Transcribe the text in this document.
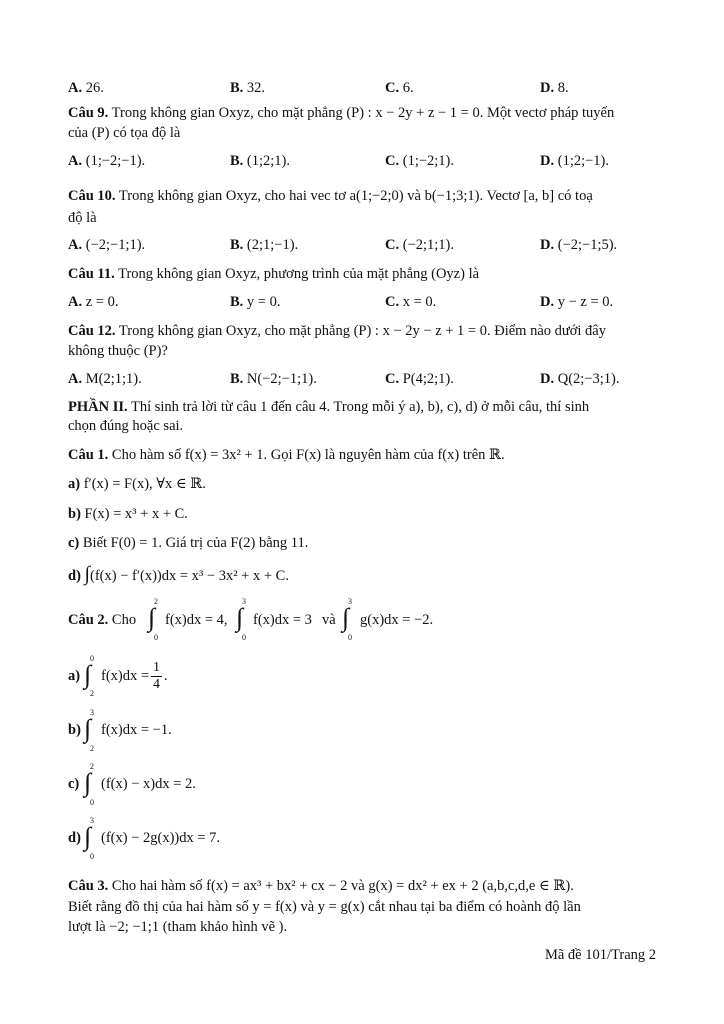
A. 26.	B. 32.	C. 6.	D. 8.
Câu 9. Trong không gian Oxyz, cho mặt phẳng (P) : x − 2y + z − 1 = 0. Một vectơ pháp tuyến
của (P) có tọa độ là
A. (1;−2;−1).	B. (1;2;1).	C. (1;−2;1).	D. (1;2;−1).
Câu 10. Trong không gian Oxyz, cho hai vec tơ a(1;−2;0) và b(−1;3;1). Vectơ [a, b] có toạ
độ là
A. (−2;−1;1).	B. (2;1;−1).	C. (−2;1;1).	D. (−2;−1;5).
Câu 11. Trong không gian Oxyz, phương trình của mặt phẳng (Oyz) là
A. z = 0.	B. y = 0.	C. x = 0.	D. y − z = 0.
Câu 12. Trong không gian Oxyz, cho mặt phẳng (P) : x − 2y − z + 1 = 0. Điểm nào dưới đây
không thuộc (P)?
A. M(2;1;1).	B. N(−2;−1;1).	C. P(4;2;1).	D. Q(2;−3;1).
PHẦN II. Thí sinh trả lời từ câu 1 đến câu 4. Trong mỗi ý a), b), c), d) ở mỗi câu, thí sinh
chọn đúng hoặc sai.
Câu 1. Cho hàm số f(x) = 3x² + 1. Gọi F(x) là nguyên hàm của f(x) trên ℝ.
a) f′(x) = F(x), ∀x ∈ ℝ.
b) F(x) = x³ + x + C.
c) Biết F(0) = 1. Giá trị của F(2) bằng 11.
d) ∫(f(x) − f′(x))dx = x³ − 3x² + x + C.
Câu 2. Cho
2
∫
0
f(x)dx = 4,
3
∫
0
f(x)dx = 3 và
3
∫
0
g(x)dx = −2.
a)
0
∫
2
$f(x)dx = \frac{1}{4}$ .
b)
3
∫
2
f(x)dx = −1.
c)
2
∫
0
(f(x) − x)dx = 2.
d)
3
∫
0
(f(x) − 2g(x))dx = 7.
Câu 3. Cho hai hàm số f(x) = ax³ + bx² + cx − 2 và g(x) = dx² + ex + 2 (a,b,c,d,e ∈ ℝ).
Biết rằng đồ thị của hai hàm số y = f(x) và y = g(x) cắt nhau tại ba điểm có hoành độ lần
lượt là −2; −1;1 (tham khảo hình vẽ ).
Mã đề 101/Trang 2
